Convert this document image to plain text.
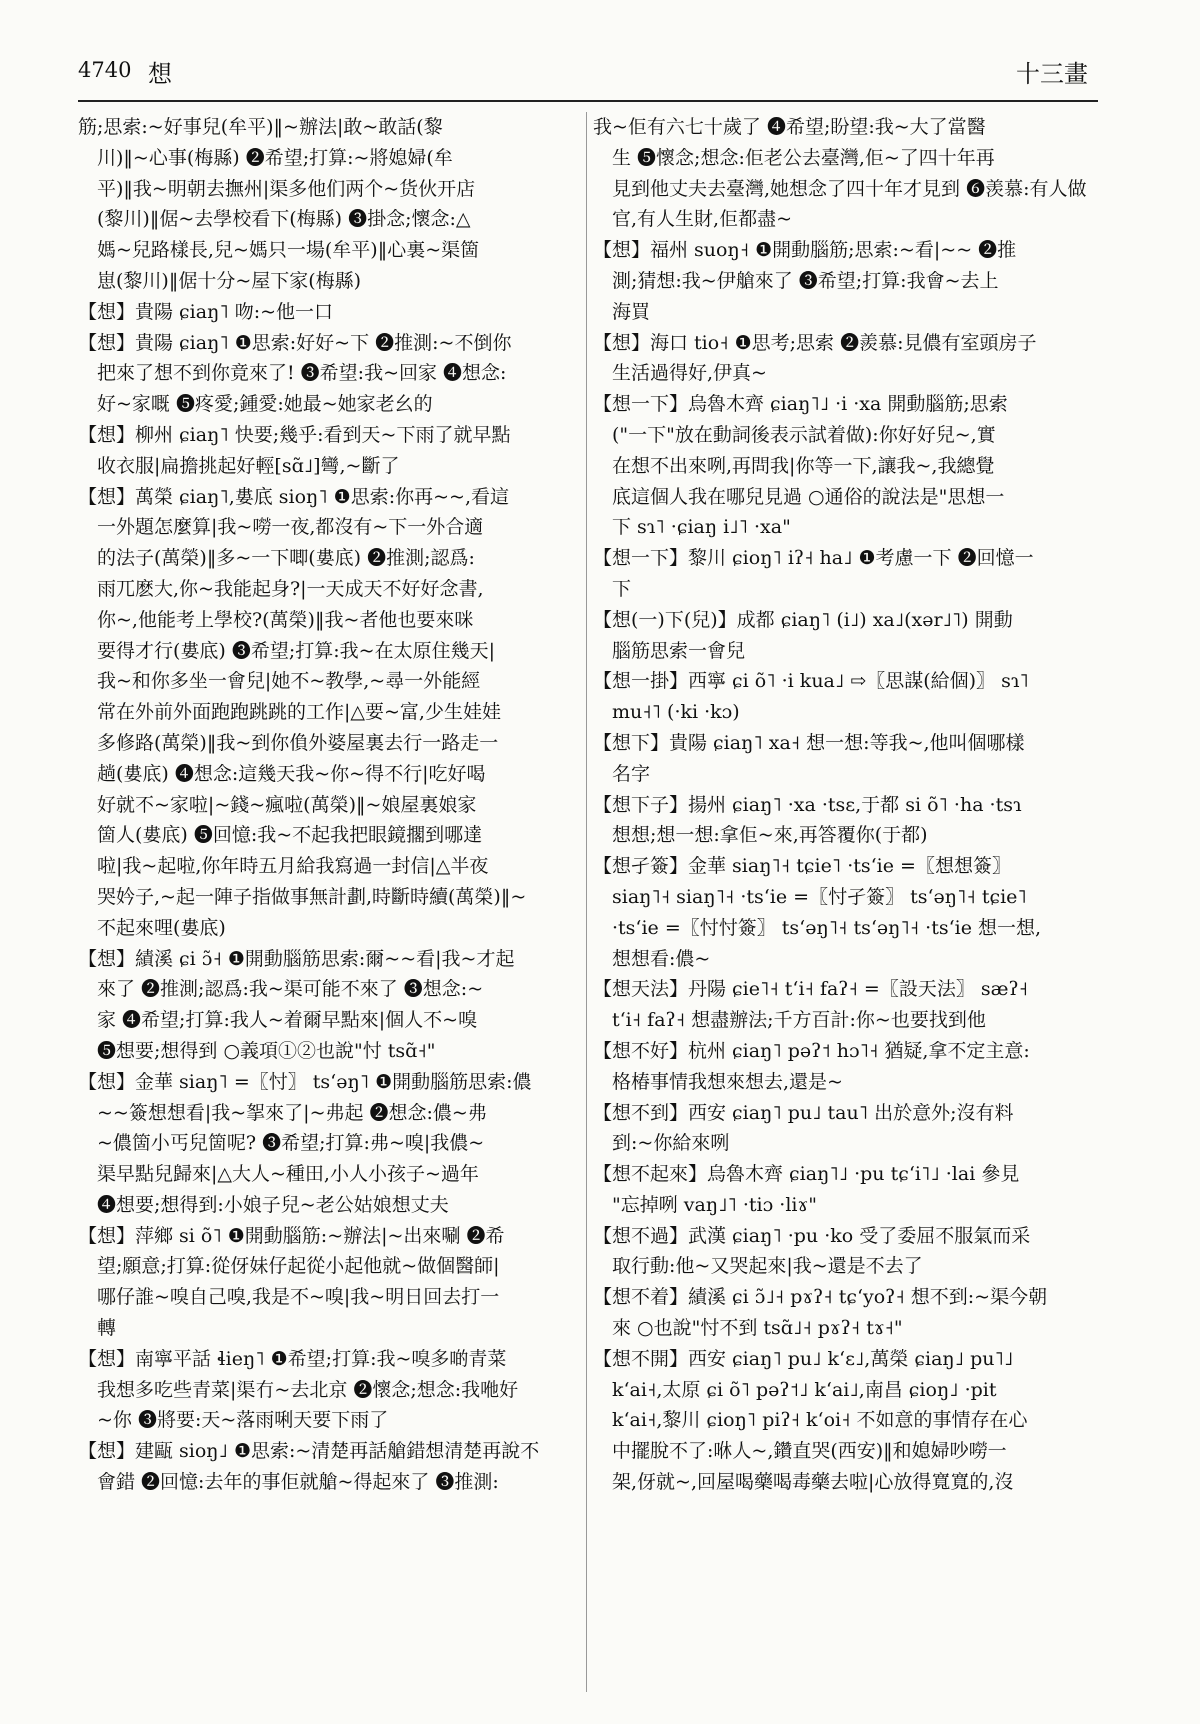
4740 想	十三畫
筋;思索:~好事兒(牟平)‖~辦法|敢~敢話(黎
川)‖~心事(梅縣) ❷希望;打算:~將媳婦(牟
平)‖我~明朝去撫州|渠多他们两个~货伙开店
(黎川)‖倨~去學校看下(梅縣) ❸掛念;懷念:△
媽~兒路樣長,兒~媽只一場(牟平)‖心裏~渠箇
崽(黎川)‖倨十分~屋下家(梅縣)
【想】貴陽 ɕiaŋ˥ 吻:~他一口
【想】貴陽 ɕiaŋ˥ ❶思索:好好~下 ❷推測:~不倒你
把來了想不到你竟來了! ❸希望:我~回家 ❹想念:
好~家嘅 ❺疼愛;鍾愛:她最~她家老幺的
【想】柳州 ɕiaŋ˥ 快要;幾乎:看到天~下雨了就早點
收衣服|扁擔挑起好輕[sɑ̃˩]彎,~斷了
【想】萬榮 ɕiaŋ˥,婁底 sioŋ˥ ❶思索:你再~~,看這
一外題怎麼算|我~嘮一夜,都沒有~下一外合適
的法子(萬榮)‖多~一下唧(婁底) ❷推測;認爲:
雨兀麽大,你~我能起身?|一天成天不好好念書,
你~,他能考上學校?(萬榮)‖我~者他也要來咪
要得才行(婁底) ❸希望;打算:我~在太原住幾天|
我~和你多坐一會兒|她不~教學,~尋一外能經
常在外前外面跑跑跳跳的工作|△要~富,少生娃娃
多修路(萬榮)‖我~到你偩外婆屋裏去行一路走一
趟(婁底) ❹想念:這幾天我~你~得不行|吃好喝
好就不~家啦|~錢~瘋啦(萬榮)‖~娘屋裏娘家
箇人(婁底) ❺回憶:我~不起我把眼鏡擱到哪達
啦|我~起啦,你年時五月給我寫過一封信|△半夜
哭妗子,~起一陣子指做事無計劃,時斷時續(萬榮)‖~
不起來哩(婁底)
【想】績溪 ɕi ɔ̃˧ ❶開動腦筋思索:爾~~看|我~才起
來了 ❷推測;認爲:我~渠可能不來了 ❸想念:~
家 ❹希望;打算:我人~着爾早點來|個人不~嗅
❺想要;想得到 ○義項①②也說"忖 tsɑ̃˧"
【想】金華 siaŋ˥ =〖忖〗 tsʻəŋ˥ ❶開動腦筋思索:儂
~~簽想想看|我~挐來了|~弗起 ❷想念:儂~弗
~儂箇小丐兒箇呢? ❸希望;打算:弗~嗅|我儂~
渠早點兒歸來|△大人~種田,小人小孩子~過年
❹想要;想得到:小娘子兒~老公姑娘想丈夫
【想】萍鄉 si õ˥ ❶開動腦筋:~辦法|~出來唰 ❷希
望;願意;打算:從伢妹仔起從小起他就~做個醫師|
哪仔誰~嗅自己嗅,我是不~嗅|我~明日回去打一
轉
【想】南寧平話 ɬieŋ˥ ❶希望;打算:我~嗅多啲青菜
我想多吃些青菜|渠冇~去北京 ❷懷念;想念:我咃好
~你 ❸將要:天~落雨唎天要下雨了
【想】建甌 sioŋ˩ ❶思索:~清楚再話艙錯想清楚再說不
會錯 ❷回憶:去年的事佢就艙~得起來了 ❸推測:
我~佢有六七十歲了 ❹希望;盼望:我~大了當醫
生 ❺懷念;想念:佢老公去臺灣,佢~了四十年再
見到他丈夫去臺灣,她想念了四十年才見到 ❻羡慕:有人做
官,有人生財,佢都盡~
【想】福州 suoŋ˧ ❶開動腦筋;思索:~看|~~ ❷推
測;猜想:我~伊艙來了 ❸希望;打算:我會~去上
海買
【想】海口 tio˧ ❶思考;思索 ❷羨慕:見儂有室頭房子
生活過得好,伊真~
【想一下】烏魯木齊 ɕiaŋ˥˩ ·i ·xa 開動腦筋;思索
("一下"放在動詞後表示試着做):你好好兒~,實
在想不出來咧,再問我|你等一下,讓我~,我總覺
底這個人我在哪兒見過 ○通俗的說法是"思想一
下 sɿ˥ ·ɕiaŋ i˩˥ ·xa"
【想一下】黎川 ɕioŋ˥ iʔ˧ ha˩ ❶考慮一下 ❷回憶一
下
【想(一)下(兒)】成都 ɕiaŋ˥ (i˩) xa˩(xər˩˥) 開動
腦筋思索一會兒
【想一掛】西寧 ɕi õ˥ ·i kua˩ ⇨〖思謀(給個)〗 sɿ˥
mu˧˥ (·ki ·kɔ)
【想下】貴陽 ɕiaŋ˥ xa˧ 想一想:等我~,他叫個哪樣
名字
【想下子】揚州 ɕiaŋ˥ ·xa ·tsɛ,于都 si õ˥ ·ha ·tsɿ
想想;想一想:拿佢~來,再答覆你(于都)
【想孑簽】金華 siaŋ˥˧ tɕie˥ ·tsʻie =〖想想簽〗
siaŋ˥˧ siaŋ˥˧ ·tsʻie =〖忖孑簽〗 tsʻəŋ˥˧ tɕie˥
·tsʻie =〖忖忖簽〗 tsʻəŋ˥˧ tsʻəŋ˥˧ ·tsʻie 想一想,
想想看:儂~
【想天法】丹陽 ɕie˥˧ tʻi˧ faʔ˧ =〖設天法〗 sæʔ˧
tʻi˧ faʔ˧ 想盡辦法;千方百計:你~也要找到他
【想不好】杭州 ɕiaŋ˥ pəʔ˦ hɔ˥˧ 猶疑,拿不定主意:
格椿事情我想來想去,還是~
【想不到】西安 ɕiaŋ˥ pu˩ tau˥ 出於意外;沒有料
到:~你給來咧
【想不起來】烏魯木齊 ɕiaŋ˥˩ ·pu tɕʻi˥˩ ·lai 參見
"忘掉咧 vaŋ˩˥ ·tiɔ ·liɤ"
【想不過】武漢 ɕiaŋ˥ ·pu ·ko 受了委屈不服氣而采
取行動:他~又哭起來|我~還是不去了
【想不着】績溪 ɕi ɔ̃˩˧ pɤʔ˧ tɕʻyoʔ˧ 想不到:~渠今朝
來 ○也說"忖不到 tsɑ̃˩˧ pɤʔ˧ tɤ˧"
【想不開】西安 ɕiaŋ˥ pu˩ kʻɛ˩,萬榮 ɕiaŋ˩ pu˥˩
kʻai˧,太原 ɕi õ˥ pəʔ˦˩ kʻai˩,南昌 ɕioŋ˩ ·pit
kʻai˧,黎川 ɕioŋ˥ piʔ˧ kʻoi˧ 不如意的事情存在心
中擺脫不了:咻人~,鑽直哭(西安)‖和媳婦吵嘮一
架,伢就~,回屋喝藥喝毒藥去啦|心放得寬寬的,沒
